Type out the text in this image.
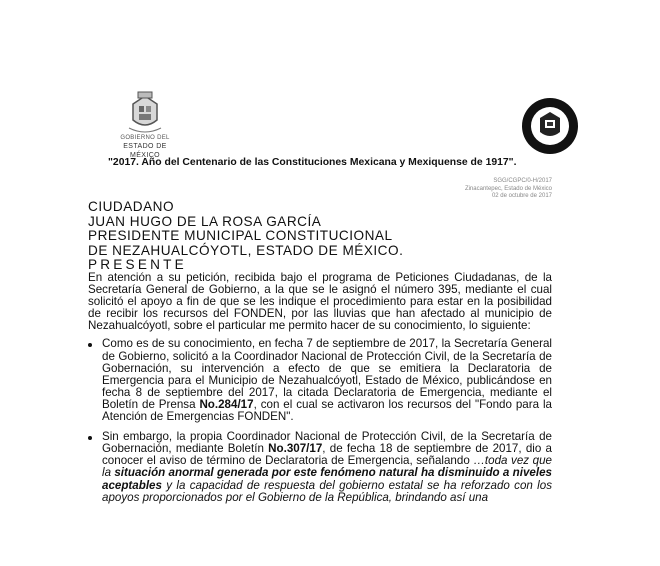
GOBIERNO DEL
ESTADO DE MÉXICO
"2017. Año del Centenario de las Constituciones Mexicana y Mexiquense de 1917".
SGG/CGPC/0-H/2017
Zinacantepec, Estado de México
02 de octubre de 2017
CIUDADANO
JUAN HUGO DE LA ROSA GARCÍA
PRESIDENTE MUNICIPAL CONSTITUCIONAL
DE NEZAHUALCÓYOTL, ESTADO DE MÉXICO.
PRESENTE

En atención a su petición, recibida bajo el programa de Peticiones Ciudadanas, de la Secretaría General de Gobierno, a la que se le asignó el número 395, mediante el cual solicitó el apoyo a fin de que se les indique el procedimiento para estar en la posibilidad de recibir los recursos del FONDEN, por las lluvias que han afectado al municipio de Nezahualcóyotl, sobre el particular me permito hacer de su conocimiento, lo siguiente:

Como es de su conocimiento, en fecha 7 de septiembre de 2017, la Secretaría General de Gobierno, solicitó a la Coordinador Nacional de Protección Civil, de la Secretaría de Gobernación, su intervención a efecto de que se emitiera la Declaratoria de Emergencia para el Municipio de Nezahualcóyotl, Estado de México, publicándose en fecha 8 de septiembre del 2017, la citada Declaratoria de Emergencia, mediante el Boletín de Prensa No.284/17, con el cual se activaron los recursos del "Fondo para la Atención de Emergencias FONDEN".
Sin embargo, la propia Coordinador Nacional de Protección Civil, de la Secretaría de Gobernación, mediante Boletín No.307/17, de fecha 18 de septiembre de 2017, dio a conocer el aviso de término de Declaratoria de Emergencia, señalando …toda vez que la situación anormal generada por este fenómeno natural ha disminuido a niveles aceptables y la capacidad de respuesta del gobierno estatal se ha reforzado con los apoyos proporcionados por el Gobierno de la República, brindando así una
